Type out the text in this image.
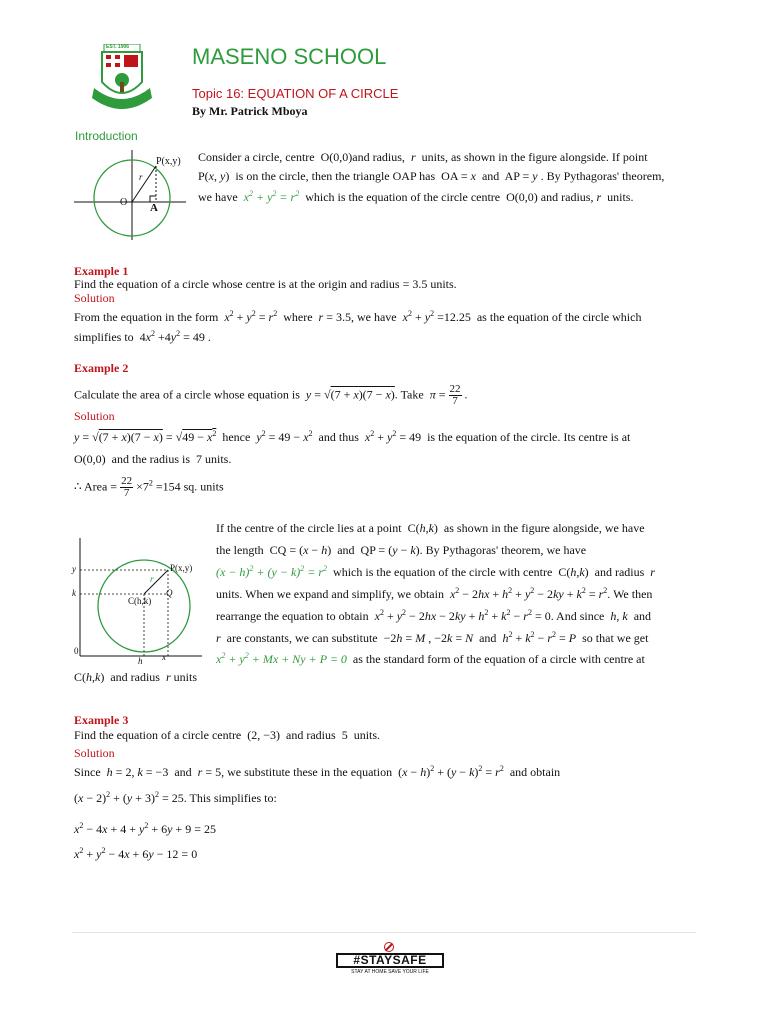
EST. 1906	MASENO SCHOOL
Topic 16: EQUATION OF A CIRCLE
By Mr. Patrick Mboya
Introduction
P(x,y)
r
O A
Consider a circle, centre O(0,0)and radius, r units, as shown in the figure alongside. If point
P(x, y) is on the circle, then the triangle OAP has  OA = x and  AP = y . By Pythagoras' theorem,
we have $x^2 + y^2 = r^2$ which is the equation of the circle centre  O(0,0) and radius, r units.
Example 1
Find the equation of a circle whose centre is at the origin and radius = 3.5 units.
Solution
From the equation in the form $x^2 + y^2 = r^2$ where r = 3.5, we have $x^2 + y^2 =12.25$  as the equation of the circle which
simplifies to  $4x^2 +4y^2 = 49$ .
Example 2
Calculate the area of a circle whose equation is y = √(7 + x)(7 − x). Take $\pi = \frac{22}{7}$ .
Solution
$y = √(7 + x)(7 - x) = √49 - x^2$ hence $y^2 = 49 - x^2$ and thus $x^2 + y^2 = 49$  is the equation of the circle. Its centre is at
O(0,0)  and the radius is  7 units.
∴ Area = $\frac{22}{7} \times 7^2 =154$ sq. units
y
k
0
h x
P(x,y)
r
C(h,k)
Q
If the centre of the circle lies at a point  C(h,k)  as shown in the figure alongside, we have
the length  CQ = (x − h)  and  QP = (y − k). By Pythagoras' theorem, we have
$(x - h)^2 + (y - k)^2 = r^2$ which is the equation of the circle with centre  C(h,k)  and radius r
units. When we expand and simplify, we obtain $x^2 - 2hx + h^2 + y^2 - 2ky + k^2 = r^2$. We then
rearrange the equation to obtain $x^2 + y^2 - 2hx - 2ky + h^2 + k^2 - r^2 = 0$. And since h, k and
r are constants, we can substitute  −2h = M , −2k = N and $h^2 + k^2 - r^2 = P$ so that we get
$x^2 + y^2 + Mx + Ny + P = 0$ as the standard form of the equation of a circle with centre at
C(h,k)  and radius r units
Example 3
Find the equation of a circle centre  (2, −3)  and radius  5  units.
Solution
Since h = 2, k = −3  and r = 5, we substitute these in the equation  $(x - h)^2 + (y - k)^2 = r^2$ and obtain
$(x - 2)^2 + (y + 3)^2 = 25$. This simplifies to:
$x^2 - 4x + 4 + y^2 + 6y + 9 = 25$
$x^2 + y^2 - 4x + 6y - 12 = 0$
#STAYSAFE
STAY AT HOME SAVE YOUR LIFE
